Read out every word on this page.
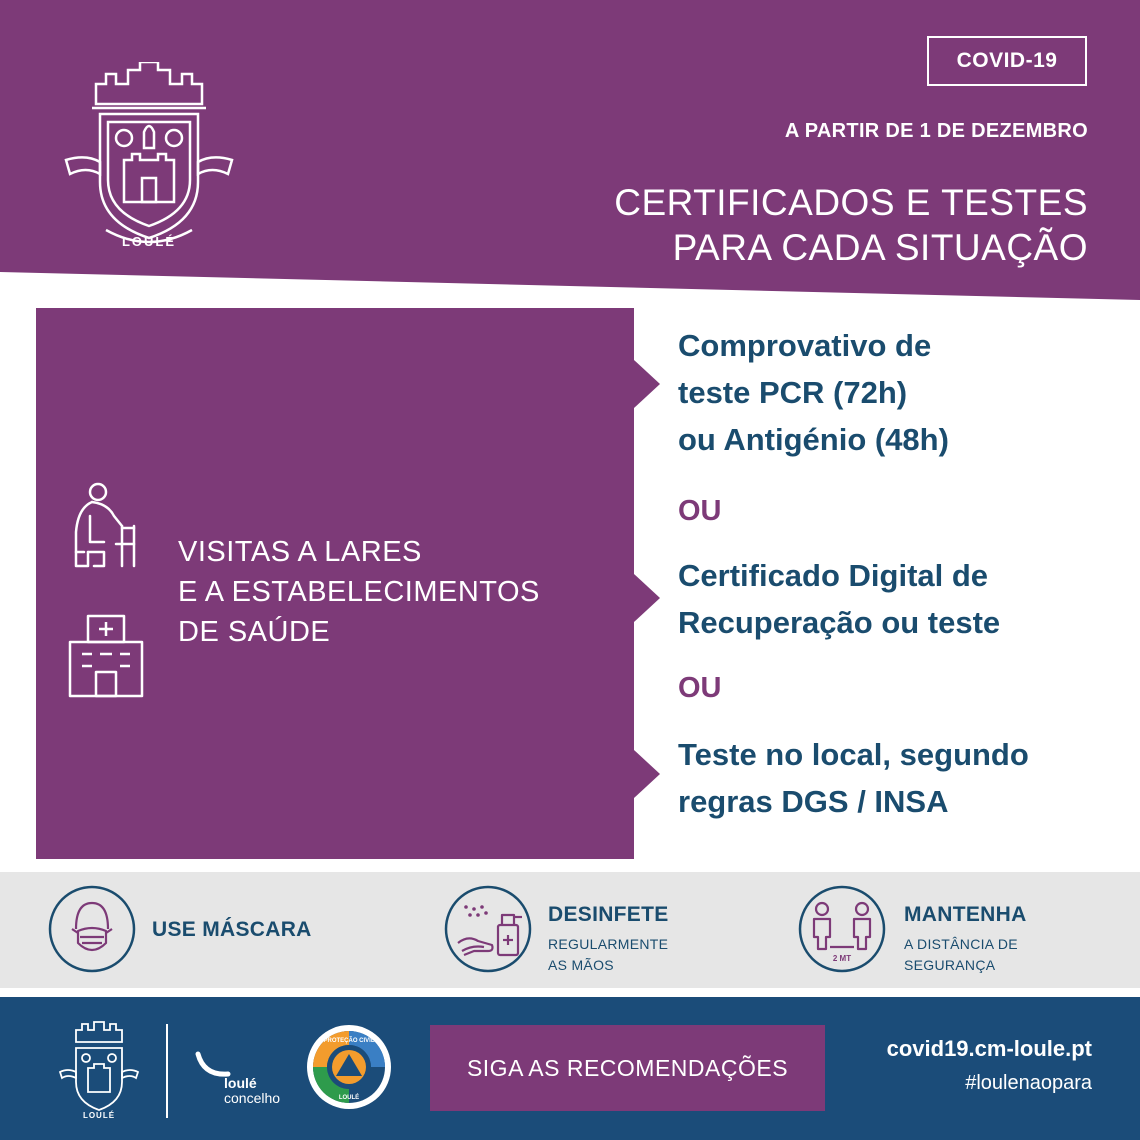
LOULÉ
COVID-19
A PARTIR DE 1 DE DEZEMBRO
CERTIFICADOS E TESTES
PARA CADA SITUAÇÃO
VISITAS A LARES
E A ESTABELECIMENTOS
DE SAÚDE
Comprovativo de
teste PCR (72h)
ou Antigénio (48h)
OU
Certificado Digital de
Recuperação ou teste
OU
Teste no local, segundo
regras DGS / INSA
USE MÁSCARA
DESINFETE
REGULARMENTE
AS MÃOS	2 MT
MANTENHA
A DISTÂNCIA DE
SEGURANÇA
LOULÉ
loulé
concelho
PROTEÇÃO CIVIL
LOULÉ
SIGA AS RECOMENDAÇÕES
covid19.cm-loule.pt
#loulenaopara
